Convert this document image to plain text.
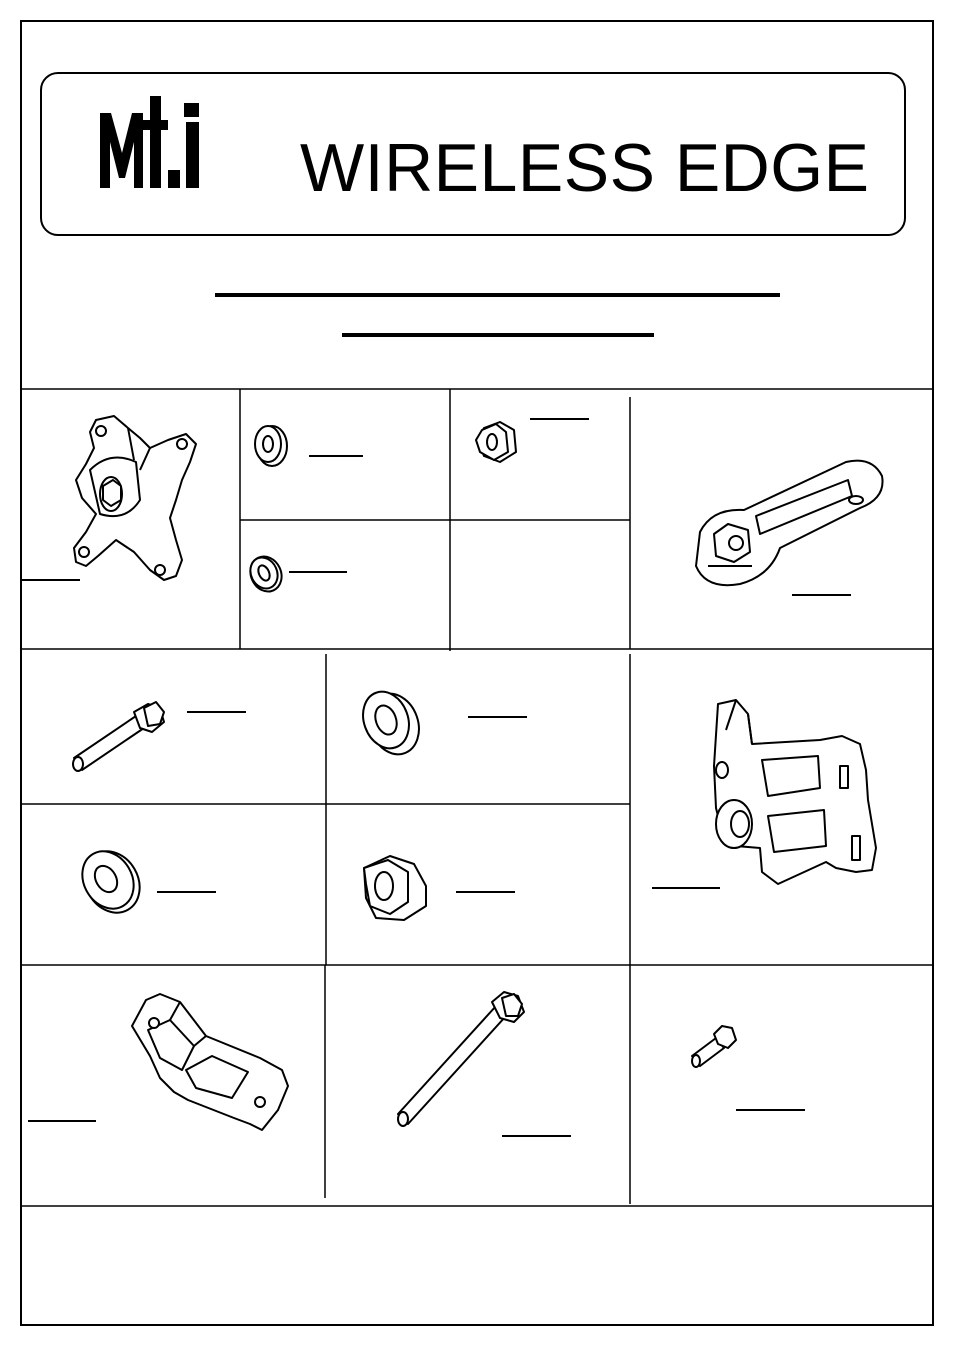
WIRELESS EDGE
